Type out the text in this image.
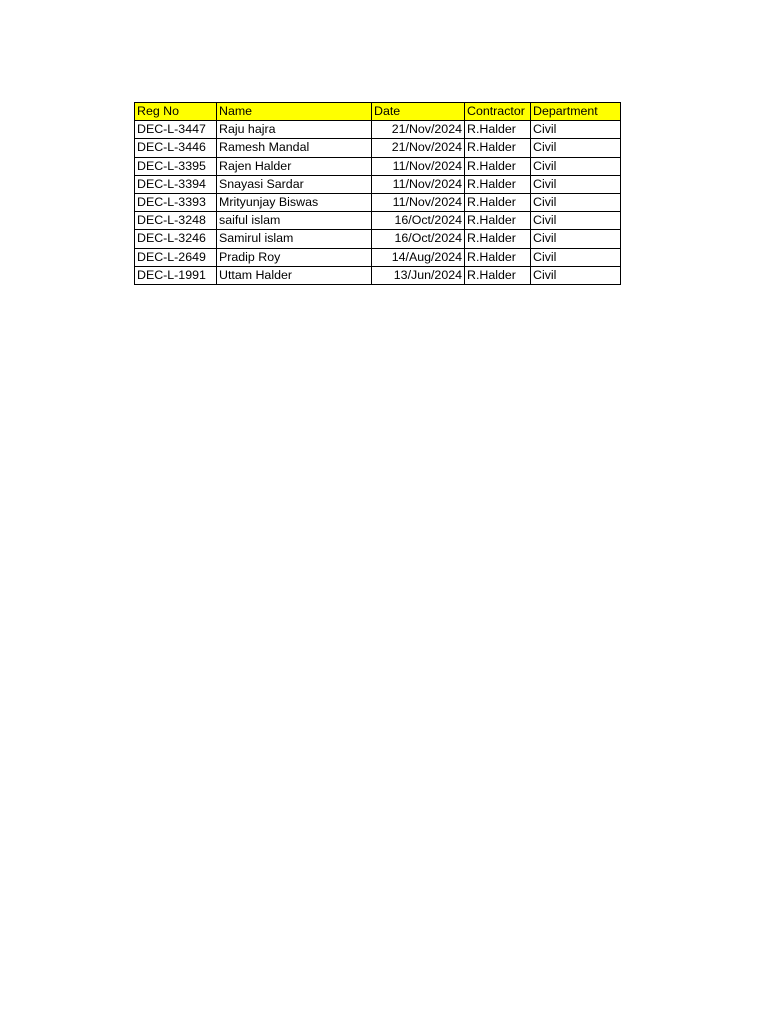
Reg No	Name	Date	Contractor	Department
DEC-L-3447	Raju hajra	21/Nov/2024	R.Halder	Civil
DEC-L-3446	Ramesh Mandal	21/Nov/2024	R.Halder	Civil
DEC-L-3395	Rajen Halder	11/Nov/2024	R.Halder	Civil
DEC-L-3394	Snayasi Sardar	11/Nov/2024	R.Halder	Civil
DEC-L-3393	Mrityunjay Biswas	11/Nov/2024	R.Halder	Civil
DEC-L-3248	saiful islam	16/Oct/2024	R.Halder	Civil
DEC-L-3246	Samirul islam	16/Oct/2024	R.Halder	Civil
DEC-L-2649	Pradip Roy	14/Aug/2024	R.Halder	Civil
DEC-L-1991	Uttam Halder	13/Jun/2024	R.Halder	Civil
